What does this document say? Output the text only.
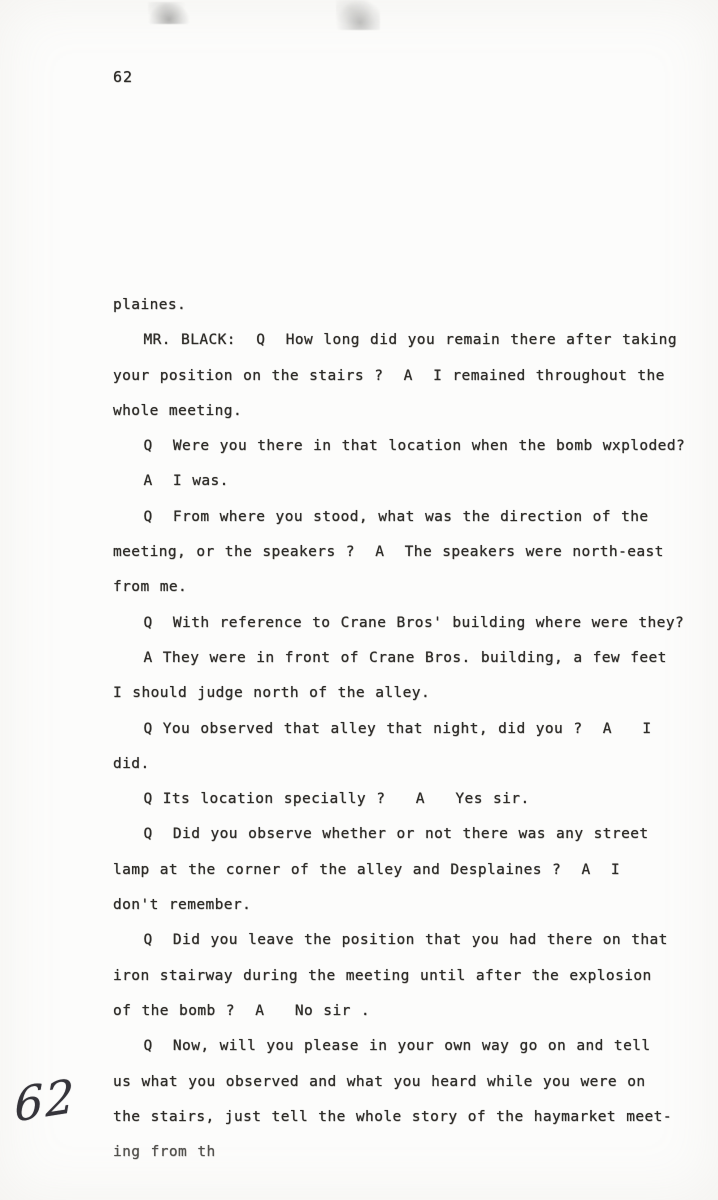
62
plaines.
MR. BLACK:  Q  How long did you remain there after taking
your position on the stairs ?  A  I remained throughout the
whole meeting.
Q  Were you there in that location when the bomb wxploded?
A  I was.
Q  From where you stood, what was the direction of the
meeting, or the speakers ?  A  The speakers were north-east
from me.
Q  With reference to Crane Bros' building where were they?
A They were in front of Crane Bros. building, a few feet
I should judge north of the alley.
Q You observed that alley that night, did you ?  A   I
did.
Q Its location specially ?   A   Yes sir.
Q  Did you observe whether or not there was any street
lamp at the corner of the alley and Desplaines ?  A  I
don't remember.
Q  Did you leave the position that you had there on that
iron stairway during the meeting until after the explosion
of the bomb ?  A   No sir .
Q  Now, will you please in your own way go on and tell
us what you observed and what you heard while you were on
the stairs, just tell the whole story of the haymarket meet-
ing from th
62
